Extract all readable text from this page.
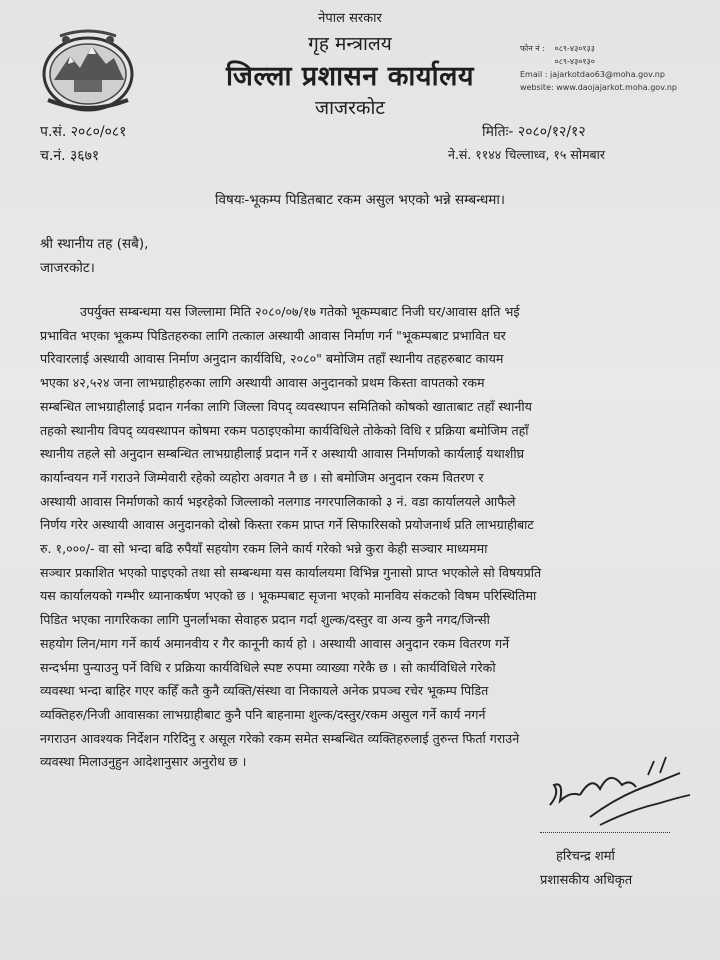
नेपाल सरकार
गृह मन्त्रालय
जिल्ला प्रशासन कार्यालय
जाजरकोट
फोन नं : ०८९-४३०१३३
०८९-४३०१३०
Email : jajarkotdao63@moha.gov.np
website: www.daojajarkot.moha.gov.np
प.सं. २०८०/०८१
च.नं. ३६७१
मितिः- २०८०/१२/१२
ने.सं. ११४४ चिल्लाध्व, १५ सोमबार
विषयः-भूकम्प पिडितबाट रकम असुल भएको भन्ने सम्बन्धमा।
श्री स्थानीय तह (सबै),
जाजरकोट।

उपर्युक्त सम्बन्धमा यस जिल्लामा मिति २०८०/०७/१७ गतेको भूकम्पबाट निजी घर/आवास क्षति भई

प्रभावित भएका भूकम्प पिडितहरुका लागि तत्काल अस्थायी आवास निर्माण गर्न "भूकम्पबाट प्रभावित घर

परिवारलाई अस्थायी आवास निर्माण अनुदान कार्यविधि, २०८०" बमोजिम तहाँ स्थानीय तहहरुबाट कायम

भएका ४२,५२४ जना लाभग्राहीहरुका लागि अस्थायी आवास अनुदानको प्रथम किस्ता वापतको रकम

सम्बन्धित लाभग्राहीलाई प्रदान गर्नका लागि जिल्ला विपद् व्यवस्थापन समितिको कोषको खाताबाट तहाँ स्थानीय

तहको स्थानीय विपद् व्यवस्थापन कोषमा रकम पठाइएकोमा कार्यविधिले तोकेको विधि र प्रक्रिया बमोजिम तहाँ

स्थानीय तहले सो अनुदान सम्बन्धित लाभग्राहीलाई प्रदान गर्ने र अस्थायी आवास निर्माणको कार्यलाई यथाशीघ्र

कार्यान्वयन गर्ने गराउने जिम्मेवारी रहेको व्यहोरा अवगत नै छ । सो बमोजिम अनुदान रकम वितरण र

अस्थायी आवास निर्माणको कार्य भइरहेको जिल्लाको नलगाड नगरपालिकाको ३ नं. वडा कार्यालयले आफैले

निर्णय गरेर अस्थायी आवास अनुदानको दोस्रो किस्ता रकम प्राप्त गर्ने सिफारिसको प्रयोजनार्थ प्रति लाभग्राहीबाट

रु. १,०००/- वा सो भन्दा बढि रुपैयाँ सहयोग रकम लिने कार्य गरेको भन्ने कुरा केही सञ्चार माध्यममा

सञ्चार प्रकाशित भएको पाइएको तथा सो सम्बन्धमा यस कार्यालयमा विभिन्न गुनासो प्राप्त भएकोले सो विषयप्रति

यस कार्यालयको गम्भीर ध्यानाकर्षण भएको छ । भूकम्पबाट सृजना भएको मानविय संकटको विषम परिस्थितिमा

पिडित भएका नागरिकका लागि पुनर्लाभका सेवाहरु प्रदान गर्दा शुल्क/दस्तुर वा अन्य कुनै नगद/जिन्सी

सहयोग लिन/माग गर्ने कार्य अमानवीय र गैर कानूनी कार्य हो । अस्थायी आवास अनुदान रकम वितरण गर्ने

सन्दर्भमा पुन्याउनु पर्ने विधि र प्रक्रिया कार्यविधिले स्पष्ट रुपमा व्याख्या गरेकै छ । सो कार्यविधिले गरेको

व्यवस्था भन्दा बाहिर गएर कहिँ कतै कुनै व्यक्ति/संस्था वा निकायले अनेक प्रपञ्च रचेर भूकम्प पिडित

व्यक्तिहरु/निजी आवासका लाभग्राहीबाट कुनै पनि बाहनामा शुल्क/दस्तुर/रकम असुल गर्ने कार्य नगर्न

नगराउन आवश्यक निर्देशन गरिदिनु र असूल गरेको रकम समेत सम्बन्धित व्यक्तिहरुलाई तुरुन्त फिर्ता गराउने

व्यवस्था मिलाउनुहुन आदेशानुसार अनुरोध छ ।

हरिचन्द्र शर्मा
प्रशासकीय अधिकृत
